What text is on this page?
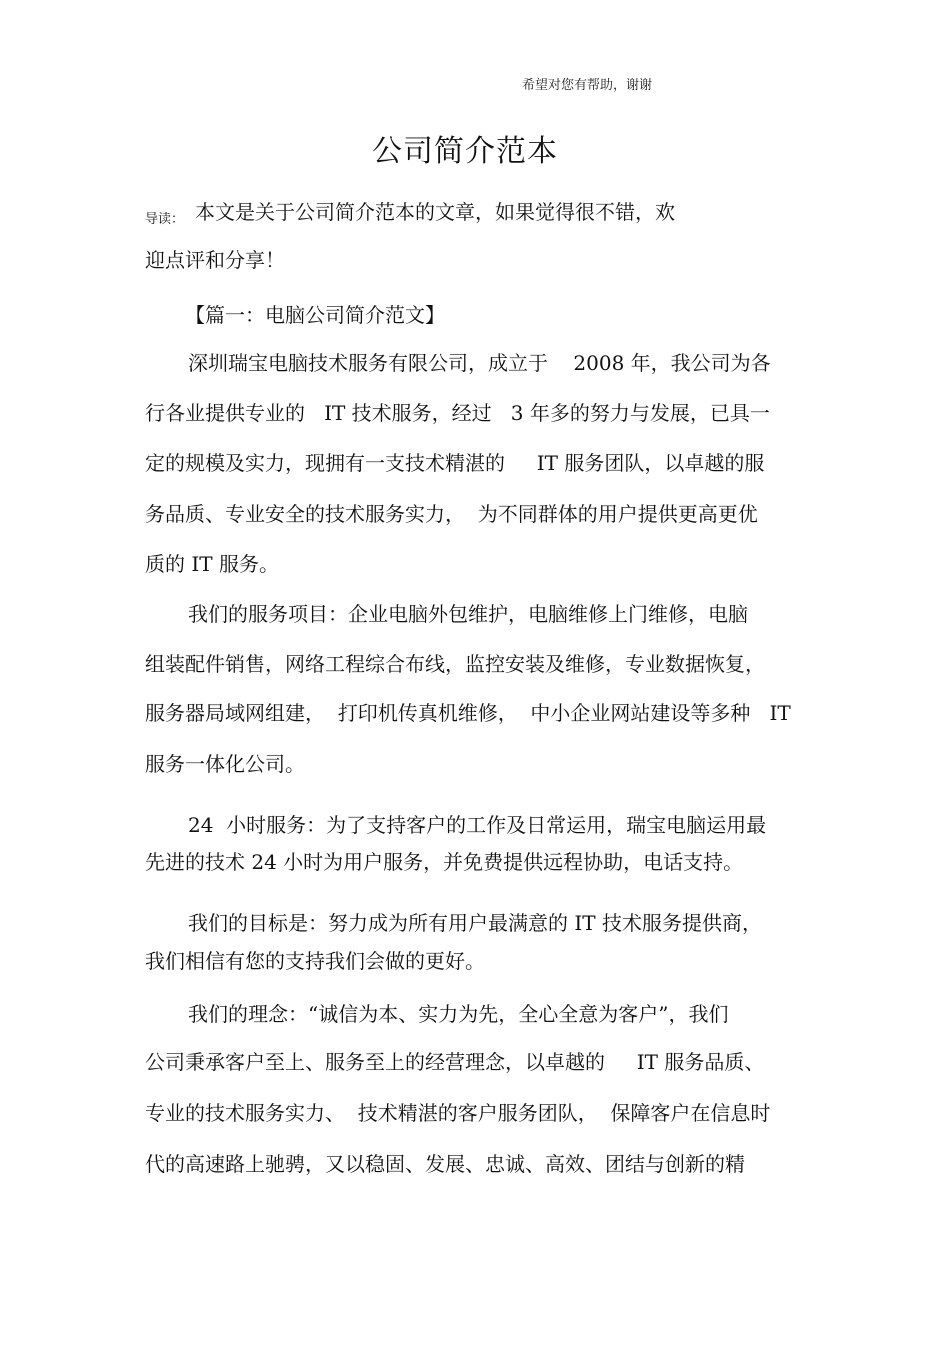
希望对您有帮助，谢谢
公司简介范本
导读： 本文是关于公司简介范本的文章，如果觉得很不错，欢
迎点评和分享！
【篇一：电脑公司简介范文】
深圳瑞宝电脑技术服务有限公司，成立于    2008 年，我公司为各
行各业提供专业的   IT 技术服务，经过   3 年多的努力与发展，已具一
定的规模及实力，现拥有一支技术精湛的     IT 服务团队，以卓越的服
务品质、专业安全的技术服务实力，  为不同群体的用户提供更高更优
质的 IT 服务。
我们的服务项目：企业电脑外包维护，电脑维修上门维修，电脑
组装配件销售，网络工程综合布线，监控安装及维修，专业数据恢复，
服务器局域网组建，  打印机传真机维修，  中小企业网站建设等多种   IT
服务一体化公司。
24  小时服务：为了支持客户的工作及日常运用，瑞宝电脑运用最
先进的技术 24 小时为用户服务，并免费提供远程协助，电话支持。
我们的目标是：努力成为所有用户最满意的 IT 技术服务提供商，
我们相信有您的支持我们会做的更好。
我们的理念：“诚信为本、实力为先，全心全意为客户”，我们
公司秉承客户至上、服务至上的经营理念，以卓越的     IT 服务品质、
专业的技术服务实力、  技术精湛的客户服务团队，  保障客户在信息时
代的高速路上驰骋，又以稳固、发展、忠诚、高效、团结与创新的精
